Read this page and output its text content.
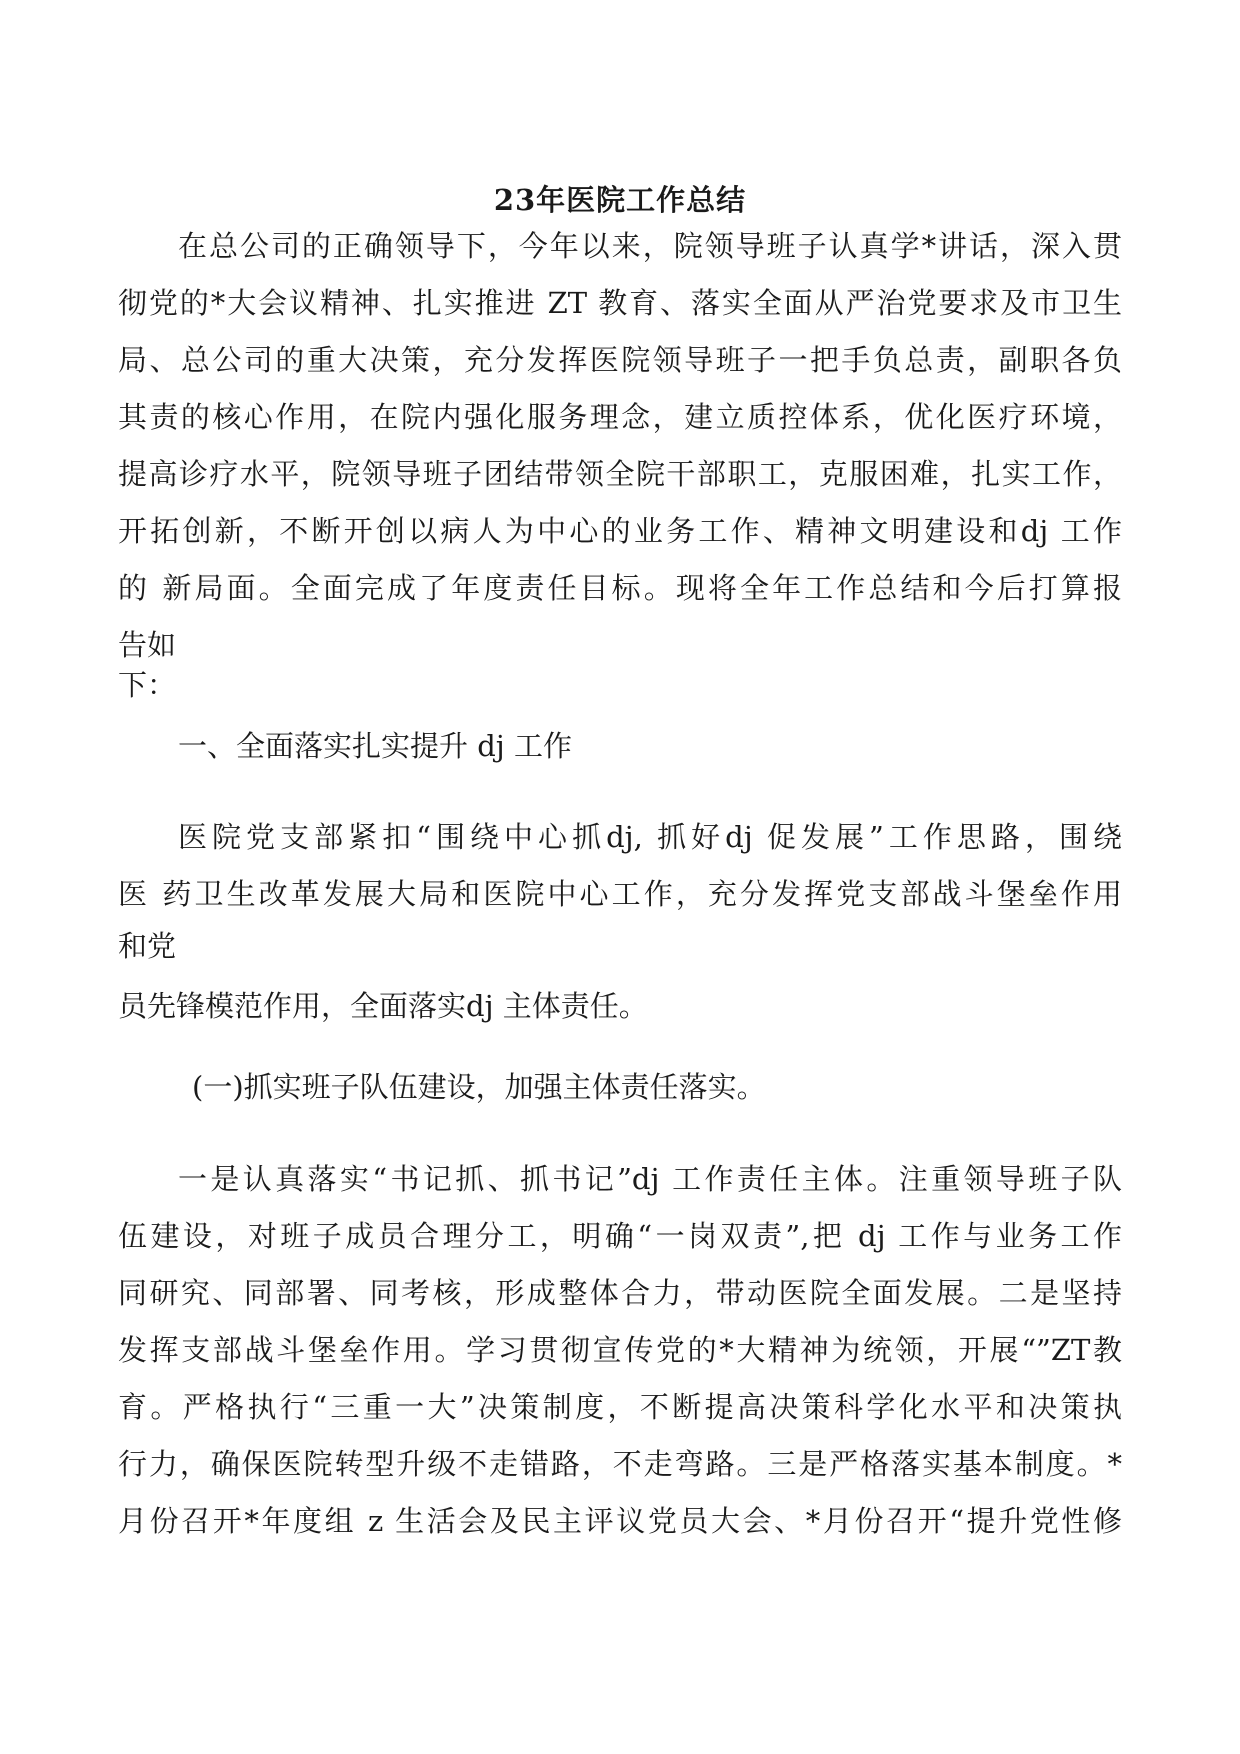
23年医院工作总结
在总公司的正确领导下，今年以来，院领导班子认真学*讲话，深入贯
彻党的*大会议精神、扎实推进 ZT 教育、落实全面从严治党要求及市卫生
局、总公司的重大决策，充分发挥医院领导班子一把手负总责，副职各负
其责的核心作用，在院内强化服务理念，建立质控体系，优化医疗环境，
提高诊疗水平，院领导班子团结带领全院干部职工，克服困难，扎实工作，
开拓创新，不断开创以病人为中心的业务工作、精神文明建设和dj 工作
的 新局面。全面完成了年度责任目标。现将全年工作总结和今后打算报
告如
下：
一、全面落实扎实提升 dj 工作
医院党支部紧扣“围绕中心抓dj, 抓好dj 促发展”工作思路，围绕
医 药卫生改革发展大局和医院中心工作，充分发挥党支部战斗堡垒作用
和党
员先锋模范作用，全面落实dj 主体责任。
(一)抓实班子队伍建设，加强主体责任落实。
一是认真落实“书记抓、抓书记”dj 工作责任主体。注重领导班子队
伍建设，对班子成员合理分工，明确“一岗双责”,把 dj 工作与业务工作
同研究、同部署、同考核，形成整体合力，带动医院全面发展。二是坚持
发挥支部战斗堡垒作用。学习贯彻宣传党的*大精神为统领，开展“”ZT教
育。严格执行“三重一大”决策制度，不断提高决策科学化水平和决策执
行力，确保医院转型升级不走错路，不走弯路。三是严格落实基本制度。*
月份召开*年度组 z 生活会及民主评议党员大会、*月份召开“提升党性修
